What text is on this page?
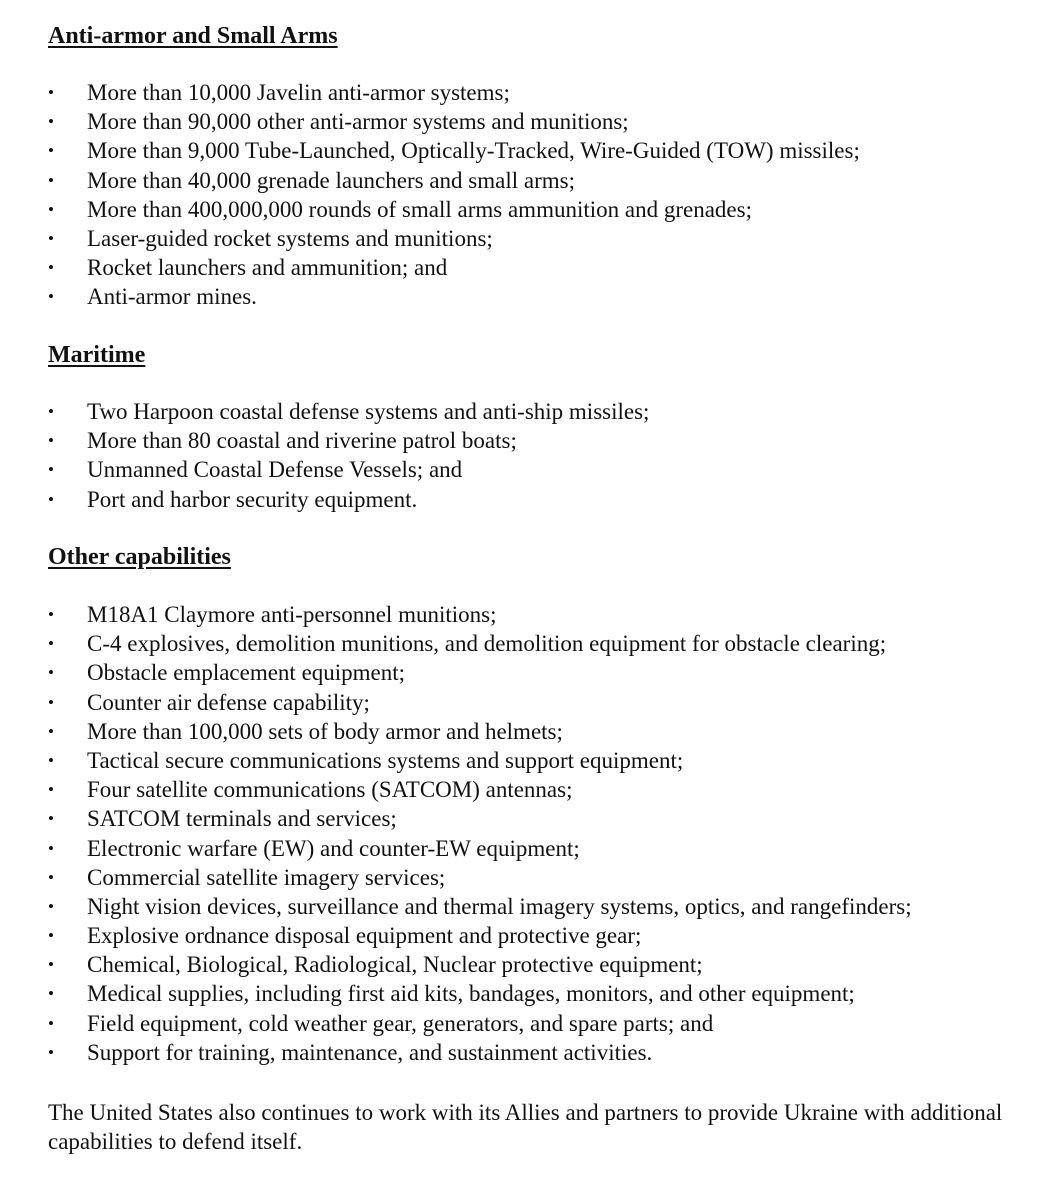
Anti-armor and Small Arms
• More than 10,000 Javelin anti-armor systems;
• More than 90,000 other anti-armor systems and munitions;
• More than 9,000 Tube-Launched, Optically-Tracked, Wire-Guided (TOW) missiles;
• More than 40,000 grenade launchers and small arms;
• More than 400,000,000 rounds of small arms ammunition and grenades;
• Laser-guided rocket systems and munitions;
• Rocket launchers and ammunition; and
• Anti-armor mines.
Maritime
• Two Harpoon coastal defense systems and anti-ship missiles;
• More than 80 coastal and riverine patrol boats;
• Unmanned Coastal Defense Vessels; and
• Port and harbor security equipment.
Other capabilities
• M18A1 Claymore anti-personnel munitions;
• C-4 explosives, demolition munitions, and demolition equipment for obstacle clearing;
• Obstacle emplacement equipment;
• Counter air defense capability;
• More than 100,000 sets of body armor and helmets;
• Tactical secure communications systems and support equipment;
• Four satellite communications (SATCOM) antennas;
• SATCOM terminals and services;
• Electronic warfare (EW) and counter-EW equipment;
• Commercial satellite imagery services;
• Night vision devices, surveillance and thermal imagery systems, optics, and rangefinders;
• Explosive ordnance disposal equipment and protective gear;
• Chemical, Biological, Radiological, Nuclear protective equipment;
• Medical supplies, including first aid kits, bandages, monitors, and other equipment;
• Field equipment, cold weather gear, generators, and spare parts; and
• Support for training, maintenance, and sustainment activities.

The United States also continues to work with its Allies and partners to provide Ukraine with additional capabilities to defend itself.
